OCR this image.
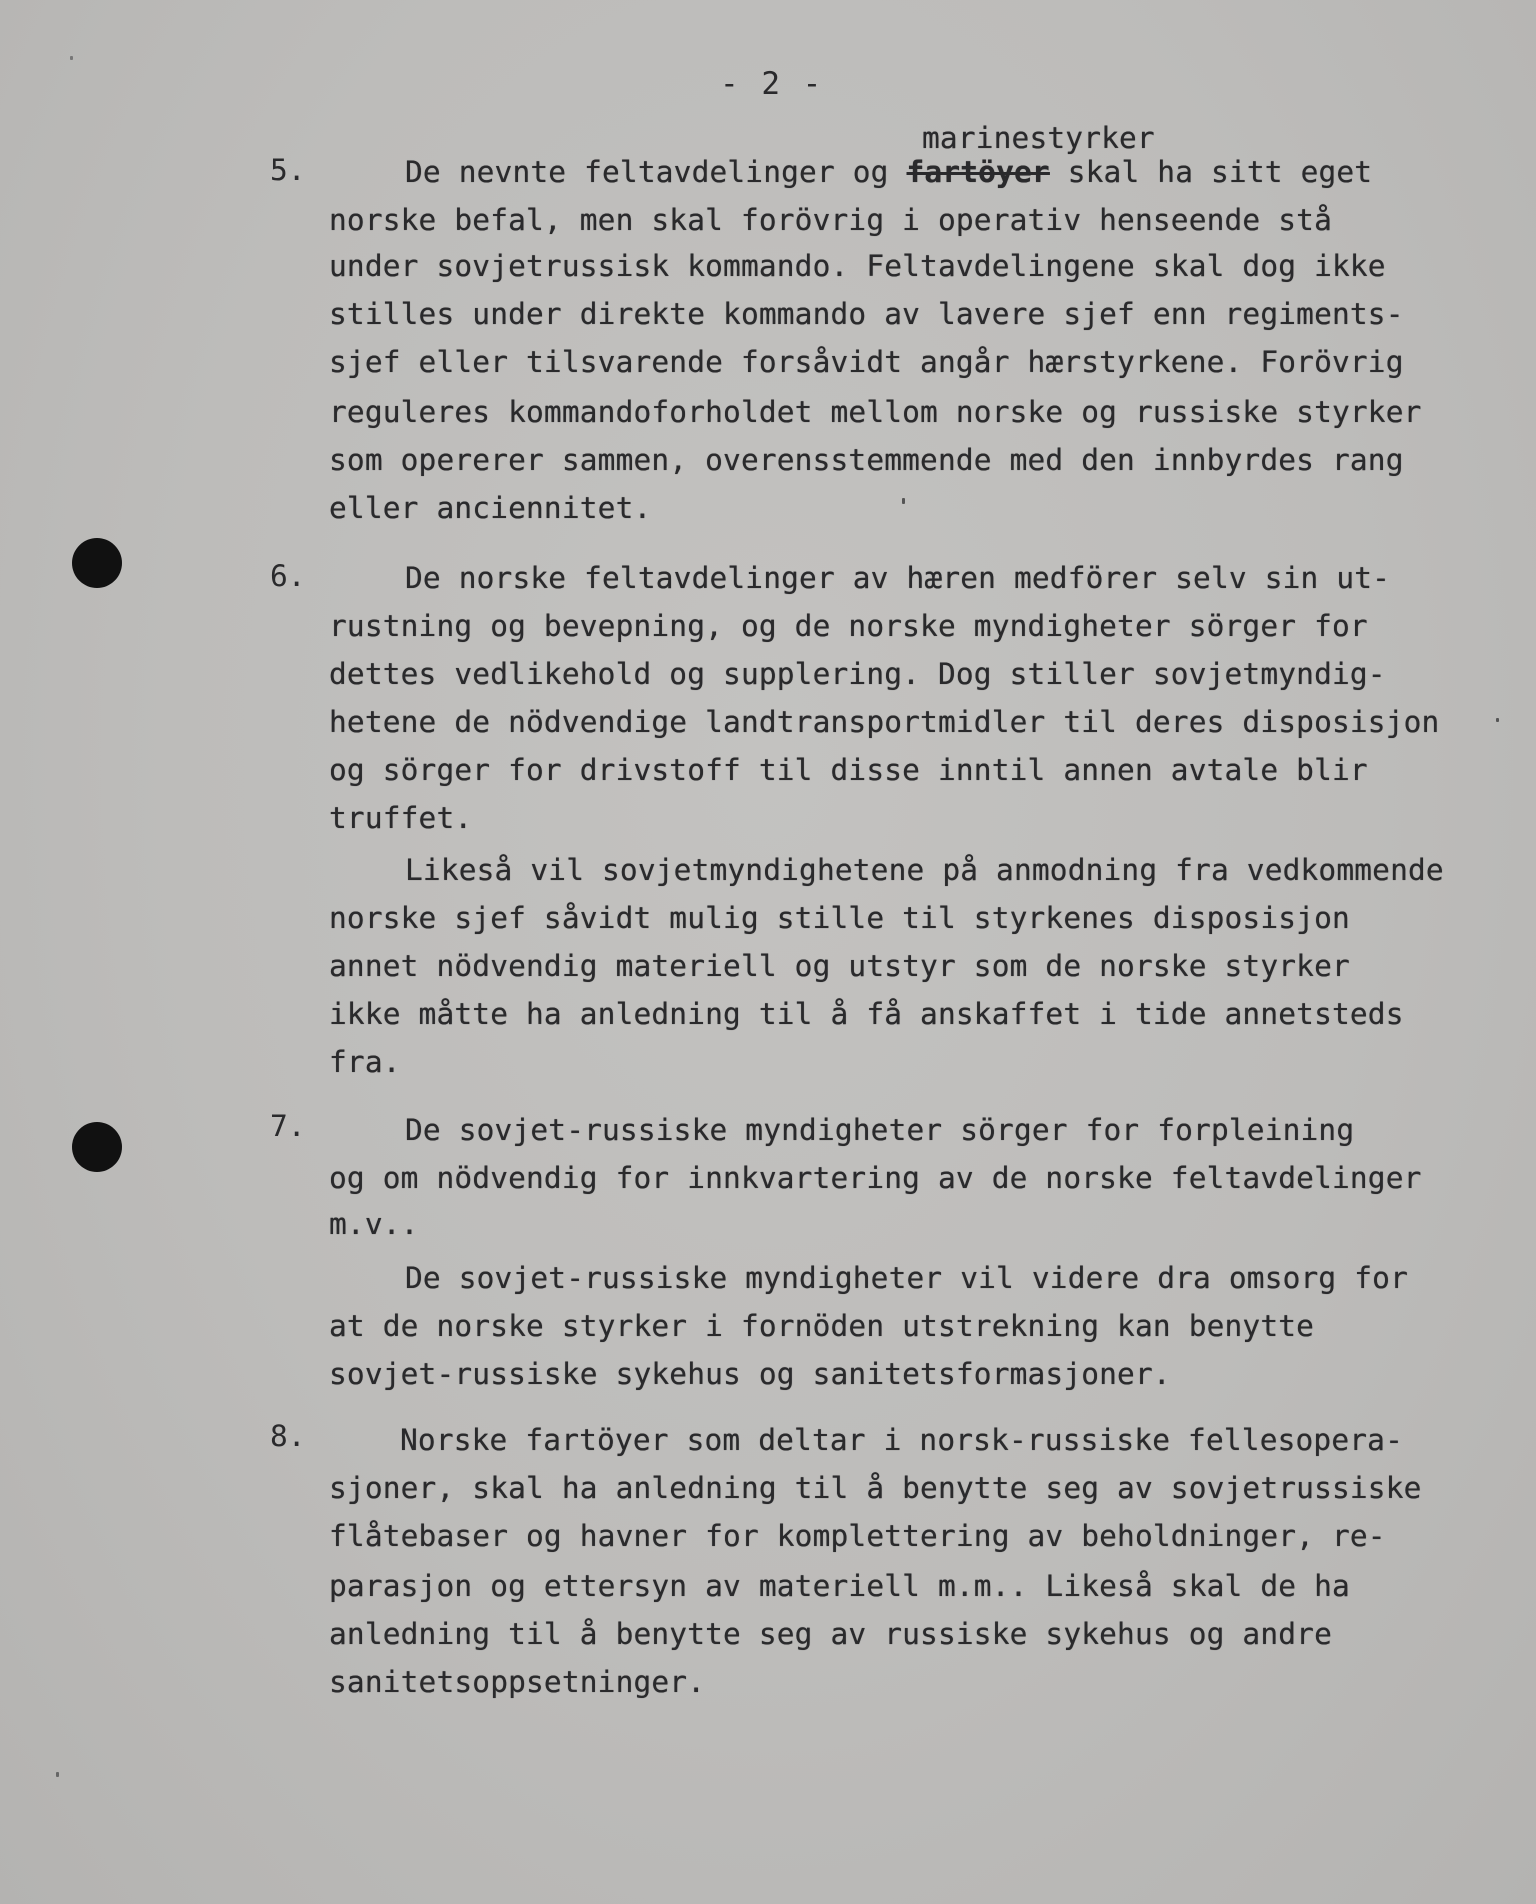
- 2 -
marinestyrker
5.	De nevnte feltavdelinger og fartöyer skal ha sitt eget
norske befal, men skal forövrig i operativ henseende stå
under sovjetrussisk kommando. Feltavdelingene skal dog ikke
stilles under direkte kommando av lavere sjef enn regiments-
sjef eller tilsvarende forsåvidt angår hærstyrkene. Forövrig
reguleres kommandoforholdet mellom norske og russiske styrker
som opererer sammen, overensstemmende med den innbyrdes rang
eller anciennitet.
6.	De norske feltavdelinger av hæren medförer selv sin ut-
rustning og bevepning, og de norske myndigheter sörger for
dettes vedlikehold og supplering. Dog stiller sovjetmyndig-
hetene de nödvendige landtransportmidler til deres disposisjon
og sörger for drivstoff til disse inntil annen avtale blir
truffet.
Likeså vil sovjetmyndighetene på anmodning fra vedkommende
norske sjef såvidt mulig stille til styrkenes disposisjon
annet nödvendig materiell og utstyr som de norske styrker
ikke måtte ha anledning til å få anskaffet i tide annetsteds
fra.
7.	De sovjet-russiske myndigheter sörger for forpleining
og om nödvendig for innkvartering av de norske feltavdelinger
m.v..
De sovjet-russiske myndigheter vil videre dra omsorg for
at de norske styrker i fornöden utstrekning kan benytte
sovjet-russiske sykehus og sanitetsformasjoner.
8.	Norske fartöyer som deltar i norsk-russiske fellesopera-
sjoner, skal ha anledning til å benytte seg av sovjetrussiske
flåtebaser og havner for komplettering av beholdninger, re-
parasjon og ettersyn av materiell m.m.. Likeså skal de ha
anledning til å benytte seg av russiske sykehus og andre
sanitetsoppsetninger.
